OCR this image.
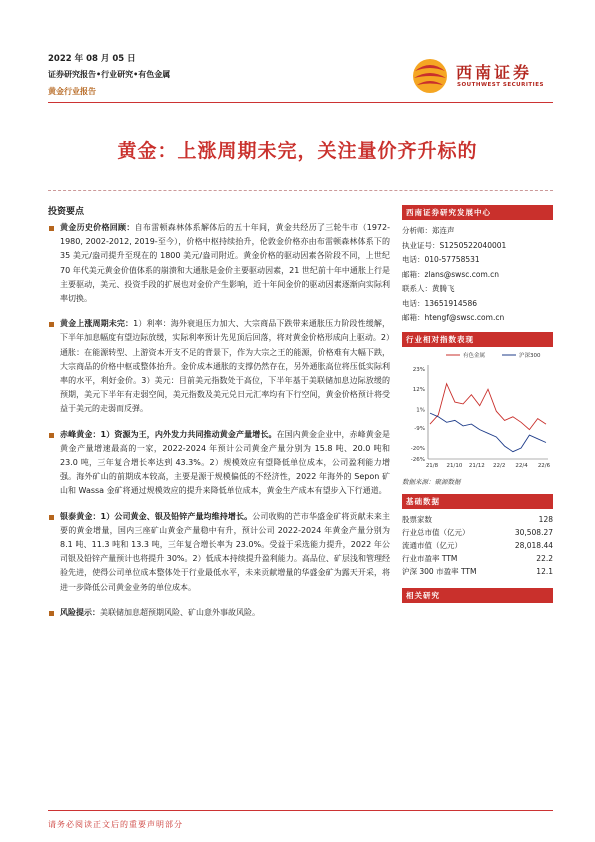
2022 年 08 月 05 日
证券研究报告•行业研究•有色金属
黄金行业报告
西南证券
SOUTHWEST SECURITIES
黄金：上涨周期未完，关注量价齐升标的
投资要点
黄金历史价格回顾：自布雷顿森林体系解体后的五十年间，黄金共经历了三轮牛市（1972-1980, 2002-2012, 2019-至今），价格中枢持续抬升，伦敦金价格亦由布雷顿森林体系下的 35 美元/盎司提升至现在的 1800 美元/盎司附近。黄金价格的驱动因素各阶段不同，上世纪 70 年代美元黄金价值体系的崩溃和大通胀是金价主要驱动因素，21 世纪前十年中通胀上行是主要驱动，美元、投资手段的扩展也对金价产生影响，近十年间金价的驱动因素逐渐向实际利率切换。
黄金上涨周期未完：1）利率：海外衰退压力加大、大宗商品下跌带来通胀压力阶段性缓解，下半年加息幅度有望边际放缓，实际利率预计先见顶后回落，将对黄金价格形成向上驱动。2）通胀：在能源转型、上游资本开支不足的背景下，作为大宗之王的能源，价格难有大幅下跌，大宗商品的价格中枢或整体抬升。金价成本通胀的支撑仍然存在，另外通胀高位将压低实际利率的水平，利好金价。3）美元：目前美元指数处于高位，下半年基于美联储加息边际放缓的预期，美元下半年有走弱空间，美元指数及美元兑日元汇率均有下行空间，黄金价格预计将受益于美元的走弱而反弹。
赤峰黄金：1）资源为王，内外发力共同推动黄金产量增长。在国内黄金企业中，赤峰黄金是黄金产量增速最高的一家，2022-2024 年预计公司黄金产量分别为 15.8 吨、20.0 吨和 23.0 吨，三年复合增长率达到 43.3%。2）规模效应有望降低单位成本，公司盈利能力增强。海外矿山的前期成本较高，主要是源于规模偏低的不经济性，2022 年海外的 Sepon 矿山和 Wassa 金矿将通过规模效应的提升来降低单位成本，黄金生产成本有望步入下行通道。
银泰黄金：1）公司黄金、银及铅锌产量均维持增长。公司收购的芒市华盛金矿将贡献未来主要的黄金增量，国内三座矿山黄金产量稳中有升，预计公司 2022-2024 年黄金产量分别为 8.1 吨、11.3 吨和 13.3 吨，三年复合增长率为 23.0%。受益于采选能力提升，2022 年公司银及铅锌产量预计也将提升 30%。2）低成本持续提升盈利能力。高品位、矿层浅和管理经验先进，使得公司单位成本整体处于行业最低水平，未来贡献增量的华盛金矿为露天开采，将进一步降低公司黄金业务的单位成本。
风险提示：美联储加息超预期风险、矿山意外事故风险。
西南证券研究发展中心
分析师：郑连声
执业证号：S1250522040001
电话：010-57758531
邮箱：zlans@swsc.com.cn
联系人：黄腾飞
电话：13651914586
邮箱：htengf@swsc.com.cn
行业相对指数表现
23%
12%
1%
-9%
-20%
-26%
21/8 21/10 21/12 22/2 22/4 22/6
有色金属	沪深300
数据来源：聚源数据
基础数据
股票家数	128
行业总市值（亿元）	30,508.27
流通市值（亿元）	28,018.44
行业市盈率 TTM	22.2
沪深 300 市盈率 TTM	12.1
相关研究
请务必阅读正文后的重要声明部分
